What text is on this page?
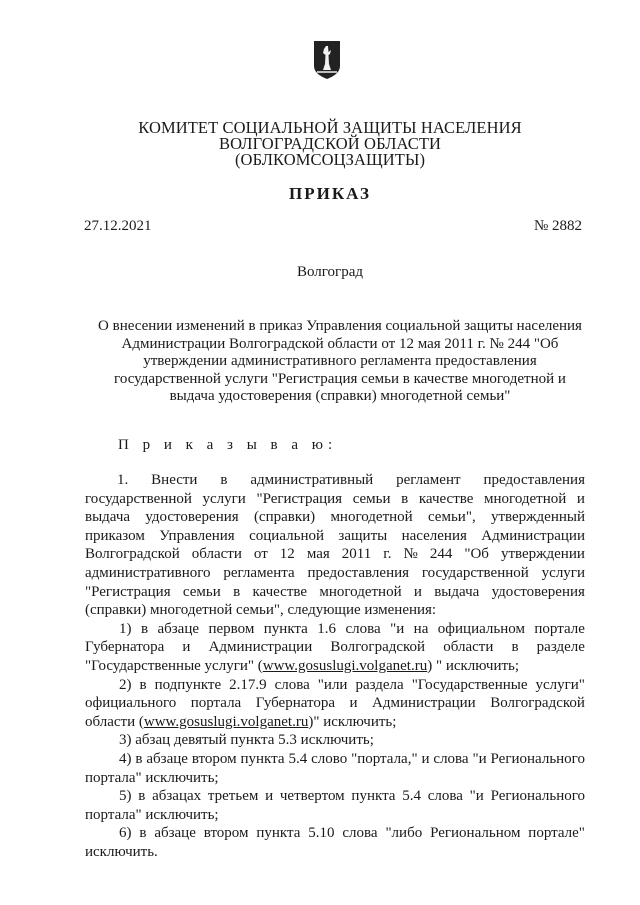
КОМИТЕТ СОЦИАЛЬНОЙ ЗАЩИТЫ НАСЕЛЕНИЯ
ВОЛГОГРАДСКОЙ ОБЛАСТИ
(ОБЛКОМСОЦЗАЩИТЫ)
ПРИКАЗ
27.12.2021	№ 2882
Волгоград
О внесении изменений в приказ Управления социальной защиты населения
Администрации Волгоградской области от 12 мая 2011 г. № 244 "Об
утверждении административного регламента предоставления
государственной услуги "Регистрация семьи в качестве многодетной и
выдача удостоверения (справки) многодетной семьи"
П р и к а з ы в а ю:
1. Внести в административный регламент предоставления
государственной услуги "Регистрация семьи в качестве многодетной и
выдача удостоверения (справки) многодетной семьи", утвержденный
приказом Управления социальной защиты населения Администрации
Волгоградской области от 12 мая 2011 г. № 244 "Об утверждении
административного регламента предоставления государственной услуги
"Регистрация семьи в качестве многодетной и выдача удостоверения
(справки) многодетной семьи", следующие изменения:
1) в абзаце первом пункта 1.6 слова "и на официальном портале
Губернатора и Администрации Волгоградской области в разделе
"Государственные услуги" (www.gosuslugi.volganet.ru) " исключить;
2) в подпункте 2.17.9 слова "или раздела "Государственные услуги"
официального портала Губернатора и Администрации Волгоградской
области (www.gosuslugi.volganet.ru)" исключить;
3) абзац девятый пункта 5.3 исключить;
4) в абзаце втором пункта 5.4 слово "портала," и слова "и Регионального
портала" исключить;
5) в абзацах третьем и четвертом пункта 5.4 слова "и Регионального
портала" исключить;
6) в абзаце втором пункта 5.10 слова "либо Региональном портале"
исключить.
